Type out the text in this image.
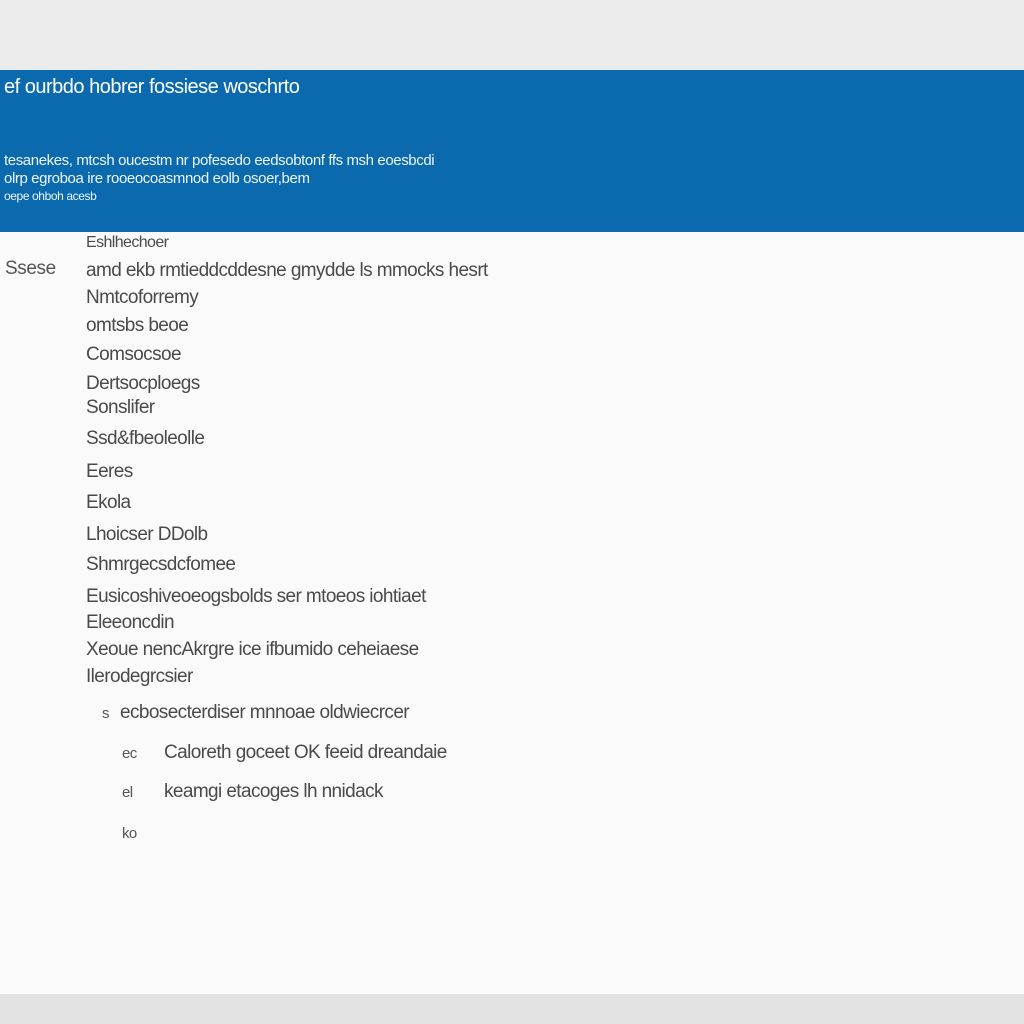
ef ourbdo hobrer fossiese woschrto
tesanekes, mtcsh oucestm nr pofesedo eedsobtonf ffs msh eoesbcdi
olrp egroboa ire rooeocoasmnod eolb osoer,bem
oepe ohboh acesb
Ssese
Eshlhechoer
amd ekb rmtieddcddesne gmydde ls mmocks hesrt
Nmtcoforremy
omtsbs beoe
Comsocsoe
Dertsocploegs
Sonslifer
Ssd&fbeoleolle
Eeres
Ekola
Lhoicser DDolb
Shmrgecsdcfomee
Eusicoshiveoeogsbolds ser mtoeos iohtiaet
Eleeoncdin
Xeoue nencAkrgre ice ifbumido ceheiaese
Ilerodegrcsier
s ecbosecterdiser mnnoae oldwiecrcer
ec Caloreth goceet OK feeid dreandaie
el keamgi etacoges lh nnidack
ko
